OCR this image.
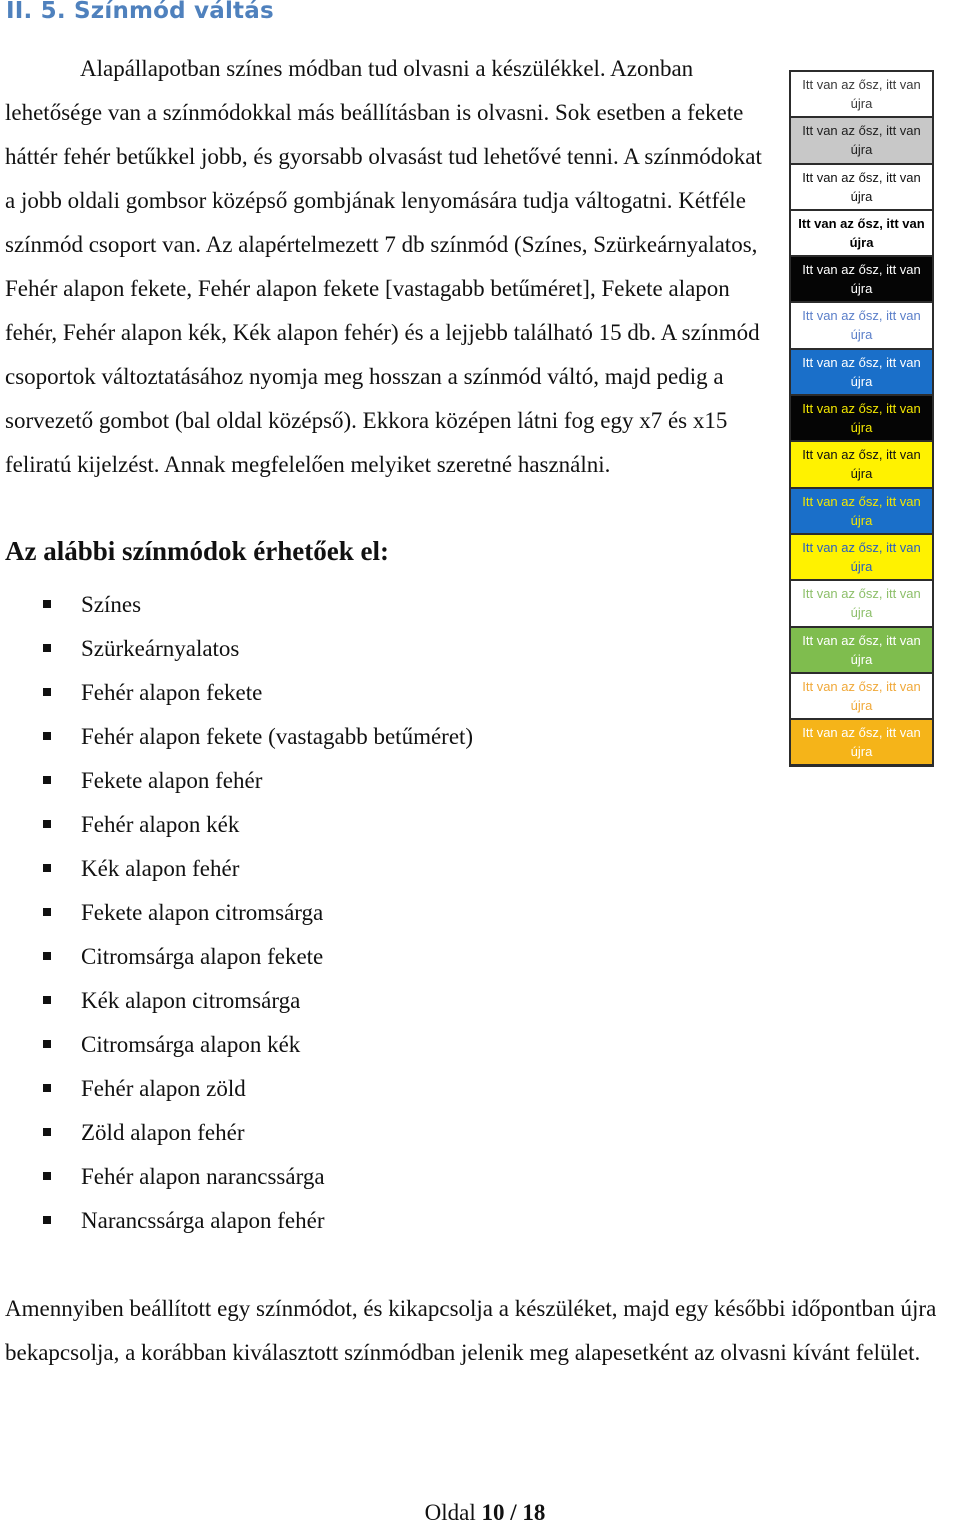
II. 5. Színmód váltás

Alapállapotban színes módban tud olvasni a készülékkel. Azonban lehetősége van a színmódokkal más beállításban is olvasni. Sok esetben a fekete háttér fehér betűkkel jobb, és gyorsabb olvasást tud lehetővé tenni. A színmódokat a jobb oldali gombsor középső gombjának lenyomására tudja váltogatni. Kétféle színmód csoport van. Az alapértelmezett 7 db színmód (Színes, Szürkeárnyalatos, Fehér alapon fekete, Fehér alapon fekete [vastagabb betűméret], Fekete alapon fehér, Fehér alapon kék, Kék alapon fehér) és a lejjebb található 15 db. A színmód csoportok változtatásához nyomja meg hosszan a színmód váltó, majd pedig a sorvezető gombot (bal oldal középső). Ekkora középen látni fog egy x7 és x15 feliratú kijelzést. Annak megfelelően melyiket szeretné használni.

Itt van az ősz, itt van
újra
Itt van az ősz, itt van
újra
Itt van az ősz, itt van
újra
Itt van az ősz, itt van
újra
Itt van az ősz, itt van
újra
Itt van az ősz, itt van
újra
Itt van az ősz, itt van
újra
Itt van az ősz, itt van
újra
Itt van az ősz, itt van
újra
Itt van az ősz, itt van
újra
Itt van az ősz, itt van
újra
Itt van az ősz, itt van
újra
Itt van az ősz, itt van
újra
Itt van az ősz, itt van
újra
Itt van az ősz, itt van
újra
Az alábbi színmódok érhetőek el:
Színes
Szürkeárnyalatos
Fehér alapon fekete
Fehér alapon fekete (vastagabb betűméret)
Fekete alapon fehér
Fehér alapon kék
Kék alapon fehér
Fekete alapon citromsárga
Citromsárga alapon fekete
Kék alapon citromsárga
Citromsárga alapon kék
Fehér alapon zöld
Zöld alapon fehér
Fehér alapon narancssárga
Narancssárga alapon fehér

Amennyiben beállított egy színmódot, és kikapcsolja a készüléket, majd egy későbbi időpontban újra bekapcsolja, a korábban kiválasztott színmódban jelenik meg alapesetként az olvasni kívánt felület.

Oldal 10 / 18
